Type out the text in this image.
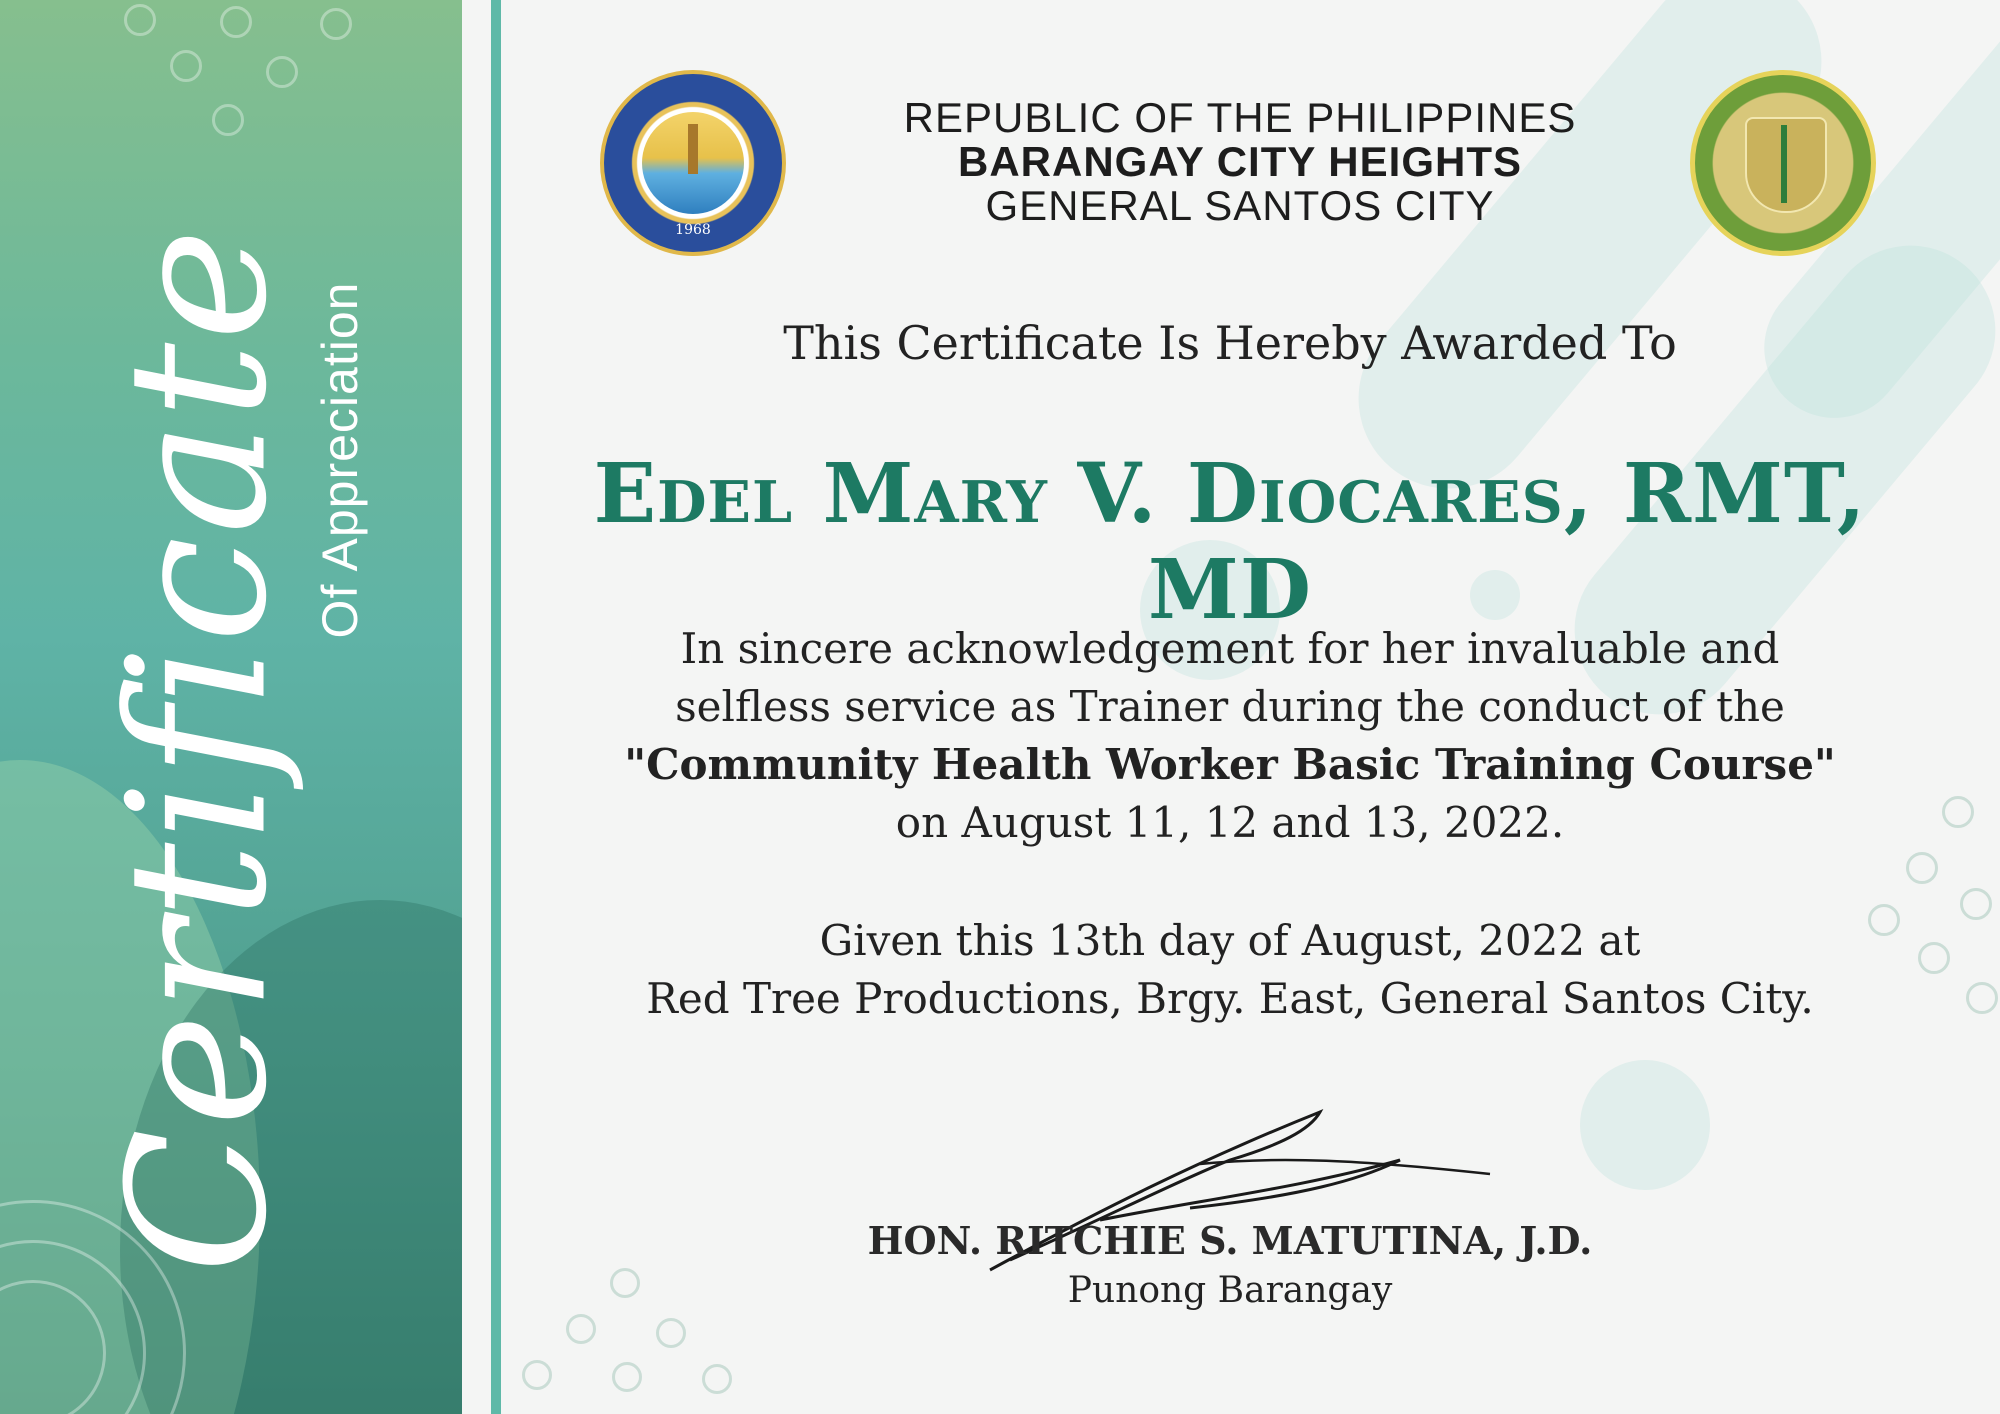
Certificate Of Appreciation
1968
REPUBLIC OF THE PHILIPPINES
BARANGAY CITY HEIGHTS
GENERAL SANTOS CITY
This Certificate Is Hereby Awarded To
Edel Mary V. Diocares, RMT, MD
In sincere acknowledgement for her invaluable and
selfless service as Trainer during the conduct of the
"Community Health Worker Basic Training Course"
on August 11, 12 and 13, 2022.
Given this 13th day of August, 2022 at
Red Tree Productions, Brgy. East, General Santos City.
HON. RITCHIE S. MATUTINA, J.D.
Punong Barangay
